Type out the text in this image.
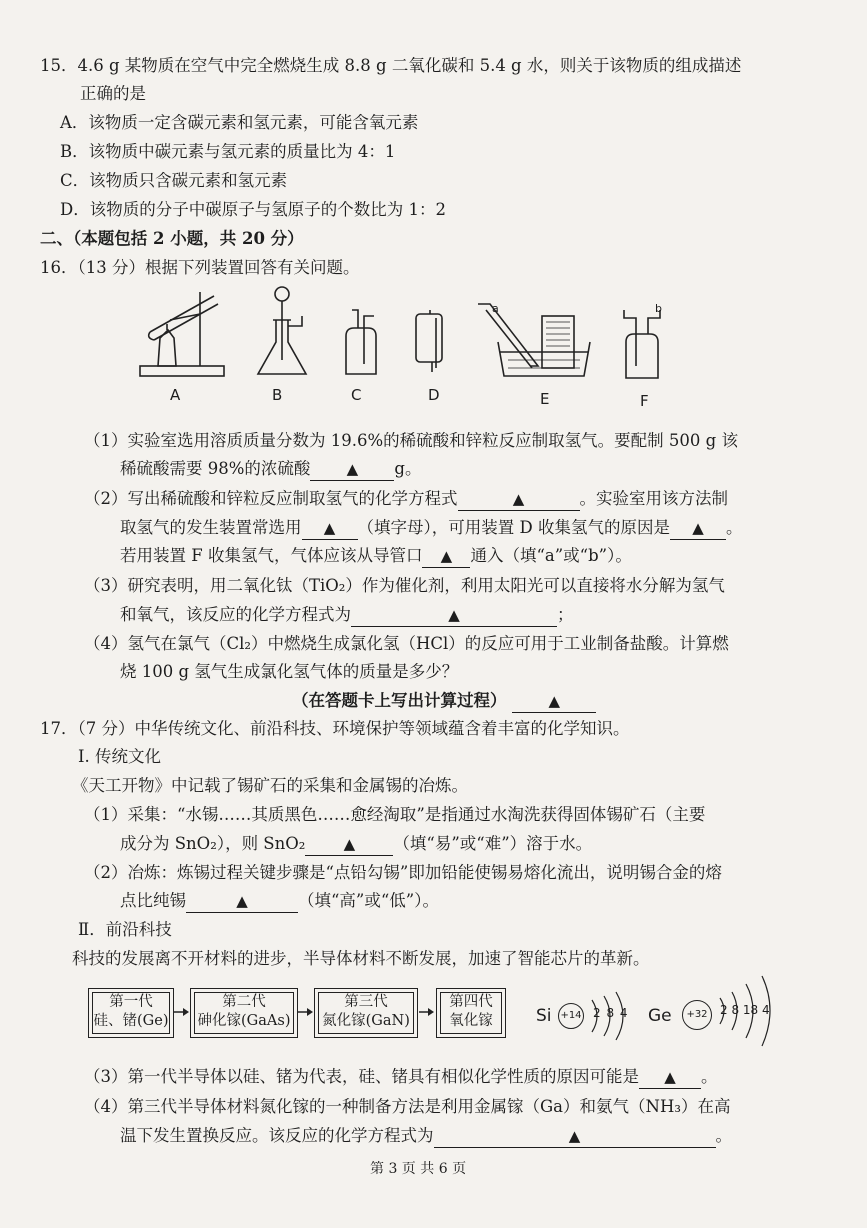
15．4.6 g 某物质在空气中完全燃烧生成 8.8 g 二氧化碳和 5.4 g 水，则关于该物质的组成描述
正确的是
A．该物质一定含碳元素和氢元素，可能含氧元素
B．该物质中碳元素与氢元素的质量比为 4：1
C．该物质只含碳元素和氢元素
D．该物质的分子中碳原子与氢原子的个数比为 1：2
二、（本题包括 2 小题，共 20 分）
16．（13 分）根据下列装置回答有关问题。
a	b
A	B	C	D	E	F
（1）实验室选用溶质质量分数为 19.6%的稀硫酸和锌粒反应制取氢气。要配制 500 g 该
稀硫酸需要 98%的浓硫酸 ▲ g。
（2）写出稀硫酸和锌粒反应制取氢气的化学方程式	▲	。实验室用该方法制
取氢气的发生装置常选用 ▲ （填字母），可用装置 D 收集氢气的原因是 ▲ 。
若用装置 F 收集氢气，气体应该从导管口 ▲ 通入（填“a”或“b”）。
（3）研究表明，用二氧化钛（TiO₂）作为催化剂，利用太阳光可以直接将水分解为氢气
和氧气，该反应的化学方程式为	▲	；
（4）氢气在氯气（Cl₂）中燃烧生成氯化氢（HCl）的反应可用于工业制备盐酸。计算燃
烧 100 g 氢气生成氯化氢气体的质量是多少？
（在答题卡上写出计算过程）	▲
17．（7 分）中华传统文化、前沿科技、环境保护等领域蕴含着丰富的化学知识。
Ⅰ. 传统文化
《天工开物》中记载了锡矿石的采集和金属锡的冶炼。
（1）采集：“水锡……其质黑色……愈经淘取”是指通过水淘洗获得固体锡矿石（主要
成分为 SnO₂），则 SnO₂	▲ （填“易”或“难”）溶于水。
（2）冶炼：炼锡过程关键步骤是“点铅勾锡”即加铅能使锡易熔化流出，说明锡合金的熔
点比纯锡	▲	（填“高”或“低”）。
Ⅱ．前沿科技
科技的发展离不开材料的进步，半导体材料不断发展，加速了智能芯片的革新。
第一代
硅、锗(Ge)
第二代
砷化镓(GaAs)
第三代
氮化镓(GaN)
第四代
氧化镓	Si +14 2 8 4 Ge	+32	2 8 18 4
（3）第一代半导体以硅、锗为代表，硅、锗具有相似化学性质的原因可能是 ▲ 。
（4）第三代半导体材料氮化镓的一种制备方法是利用金属镓（Ga）和氨气（NH₃）在高
温下发生置换反应。该反应的化学方程式为	▲	。
第 3 页 共 6 页
